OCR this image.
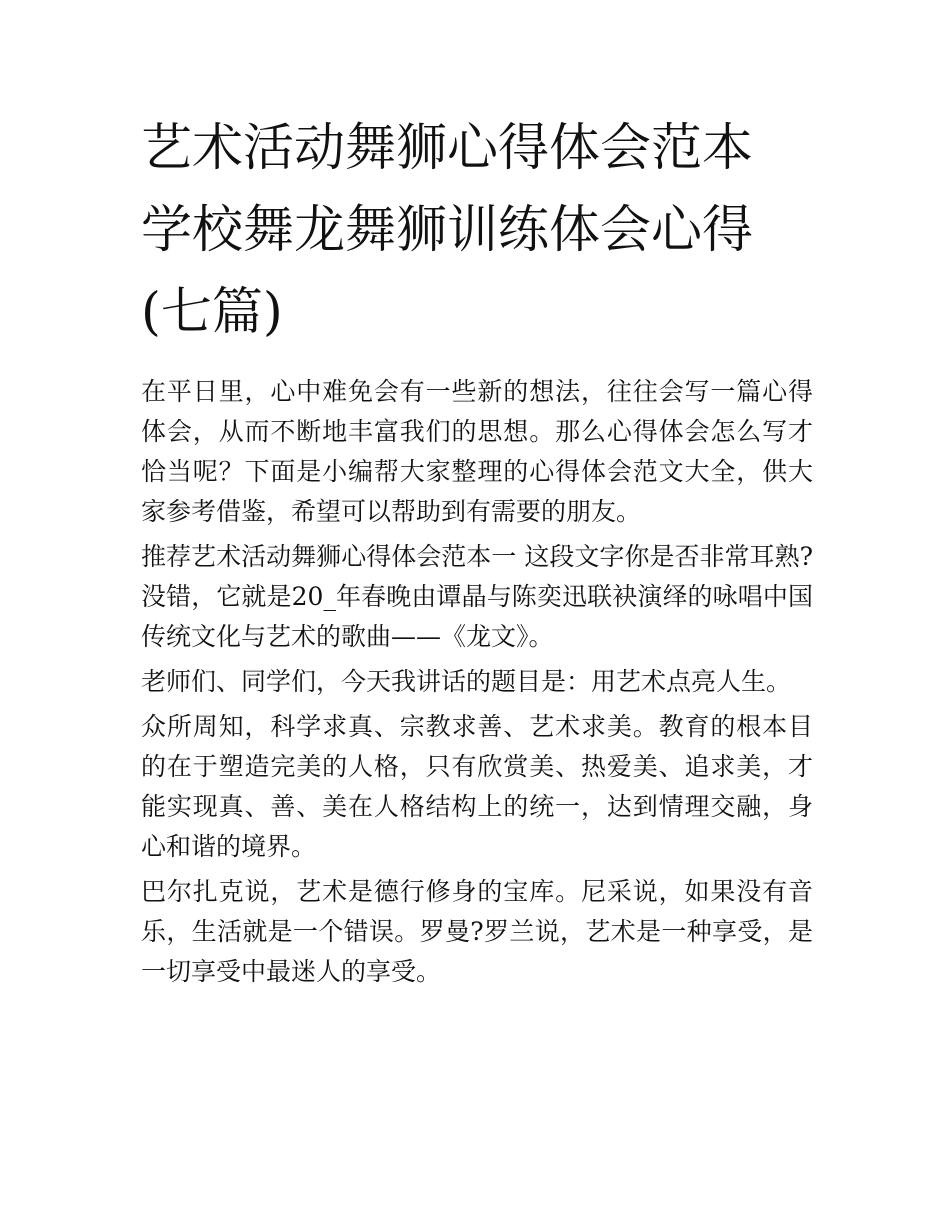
艺术活动舞狮心得体会范本 学校舞龙舞狮训练体会心得(七篇)

在平日里，心中难免会有一些新的想法，往往会写一篇心得体会，从而不断地丰富我们的思想。那么心得体会怎么写才恰当呢？下面是小编帮大家整理的心得体会范文大全，供大家参考借鉴，希望可以帮助到有需要的朋友。

推荐艺术活动舞狮心得体会范本一 这段文字你是否非常耳熟?没错，它就是20_年春晚由谭晶与陈奕迅联袂演绎的咏唱中国传统文化与艺术的歌曲——《龙文》。

老师们、同学们，今天我讲话的题目是：用艺术点亮人生。

众所周知，科学求真、宗教求善、艺术求美。教育的根本目的在于塑造完美的人格，只有欣赏美、热爱美、追求美，才能实现真、善、美在人格结构上的统一，达到情理交融，身心和谐的境界。

巴尔扎克说，艺术是德行修身的宝库。尼采说，如果没有音乐，生活就是一个错误。罗曼?罗兰说，艺术是一种享受，是一切享受中最迷人的享受。
